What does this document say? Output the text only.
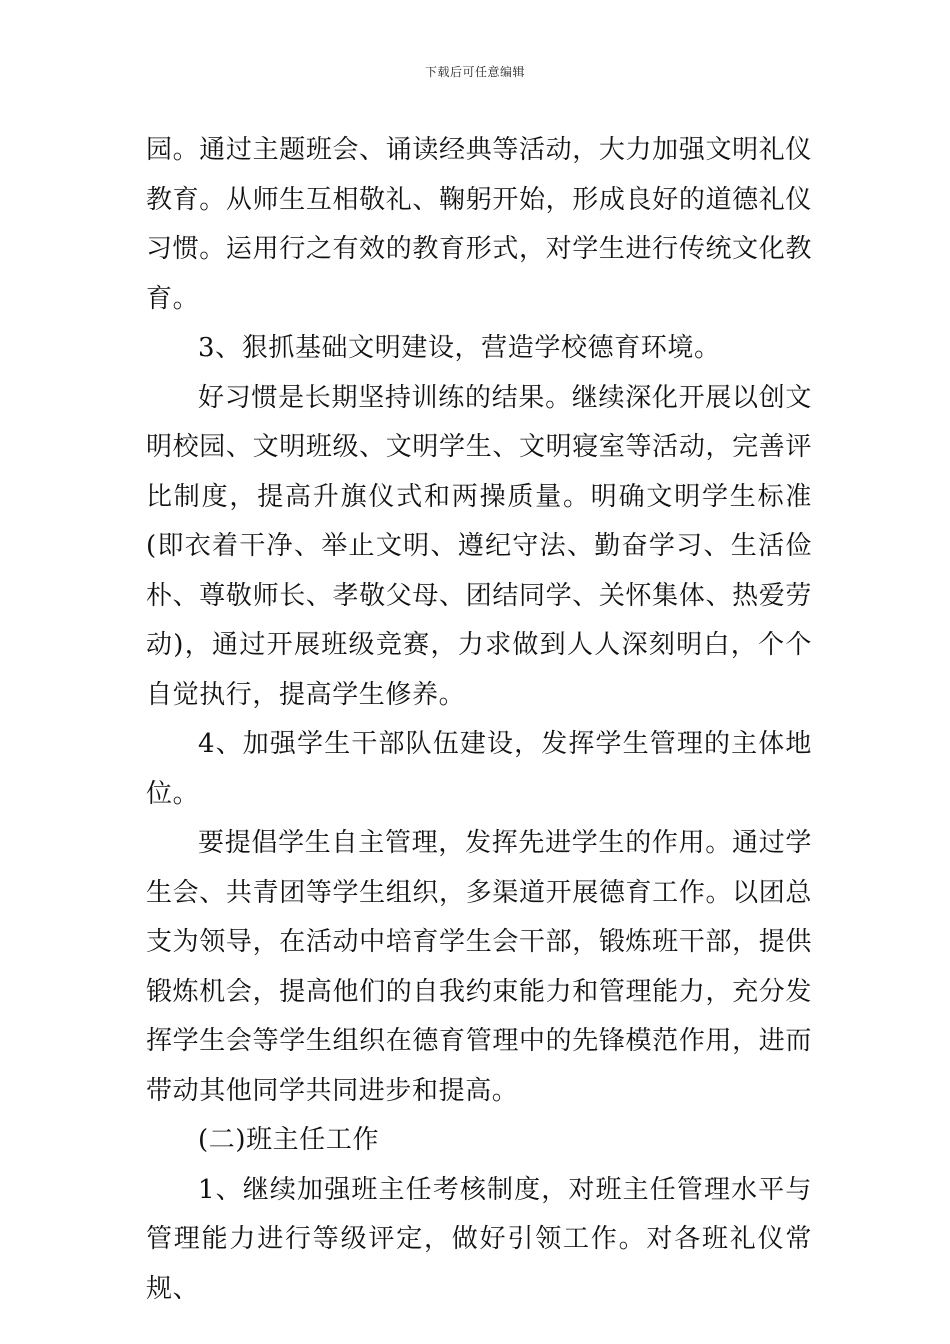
下载后可任意编辑

园。通过主题班会、诵读经典等活动，大力加强文明礼仪教育。从师生互相敬礼、鞠躬开始，形成良好的道德礼仪习惯。运用行之有效的教育形式，对学生进行传统文化教育。

3、狠抓基础文明建设，营造学校德育环境。

好习惯是长期坚持训练的结果。继续深化开展以创文明校园、文明班级、文明学生、文明寝室等活动，完善评比制度，提高升旗仪式和两操质量。明确文明学生标准(即衣着干净、举止文明、遵纪守法、勤奋学习、生活俭朴、尊敬师长、孝敬父母、团结同学、关怀集体、热爱劳动)，通过开展班级竞赛，力求做到人人深刻明白，个个自觉执行，提高学生修养。

4、加强学生干部队伍建设，发挥学生管理的主体地位。

要提倡学生自主管理，发挥先进学生的作用。通过学生会、共青团等学生组织，多渠道开展德育工作。以团总支为领导，在活动中培育学生会干部，锻炼班干部，提供锻炼机会，提高他们的自我约束能力和管理能力，充分发挥学生会等学生组织在德育管理中的先锋模范作用，进而带动其他同学共同进步和提高。

(二)班主任工作

1、继续加强班主任考核制度，对班主任管理水平与管理能力进行等级评定，做好引领工作。对各班礼仪常规、
